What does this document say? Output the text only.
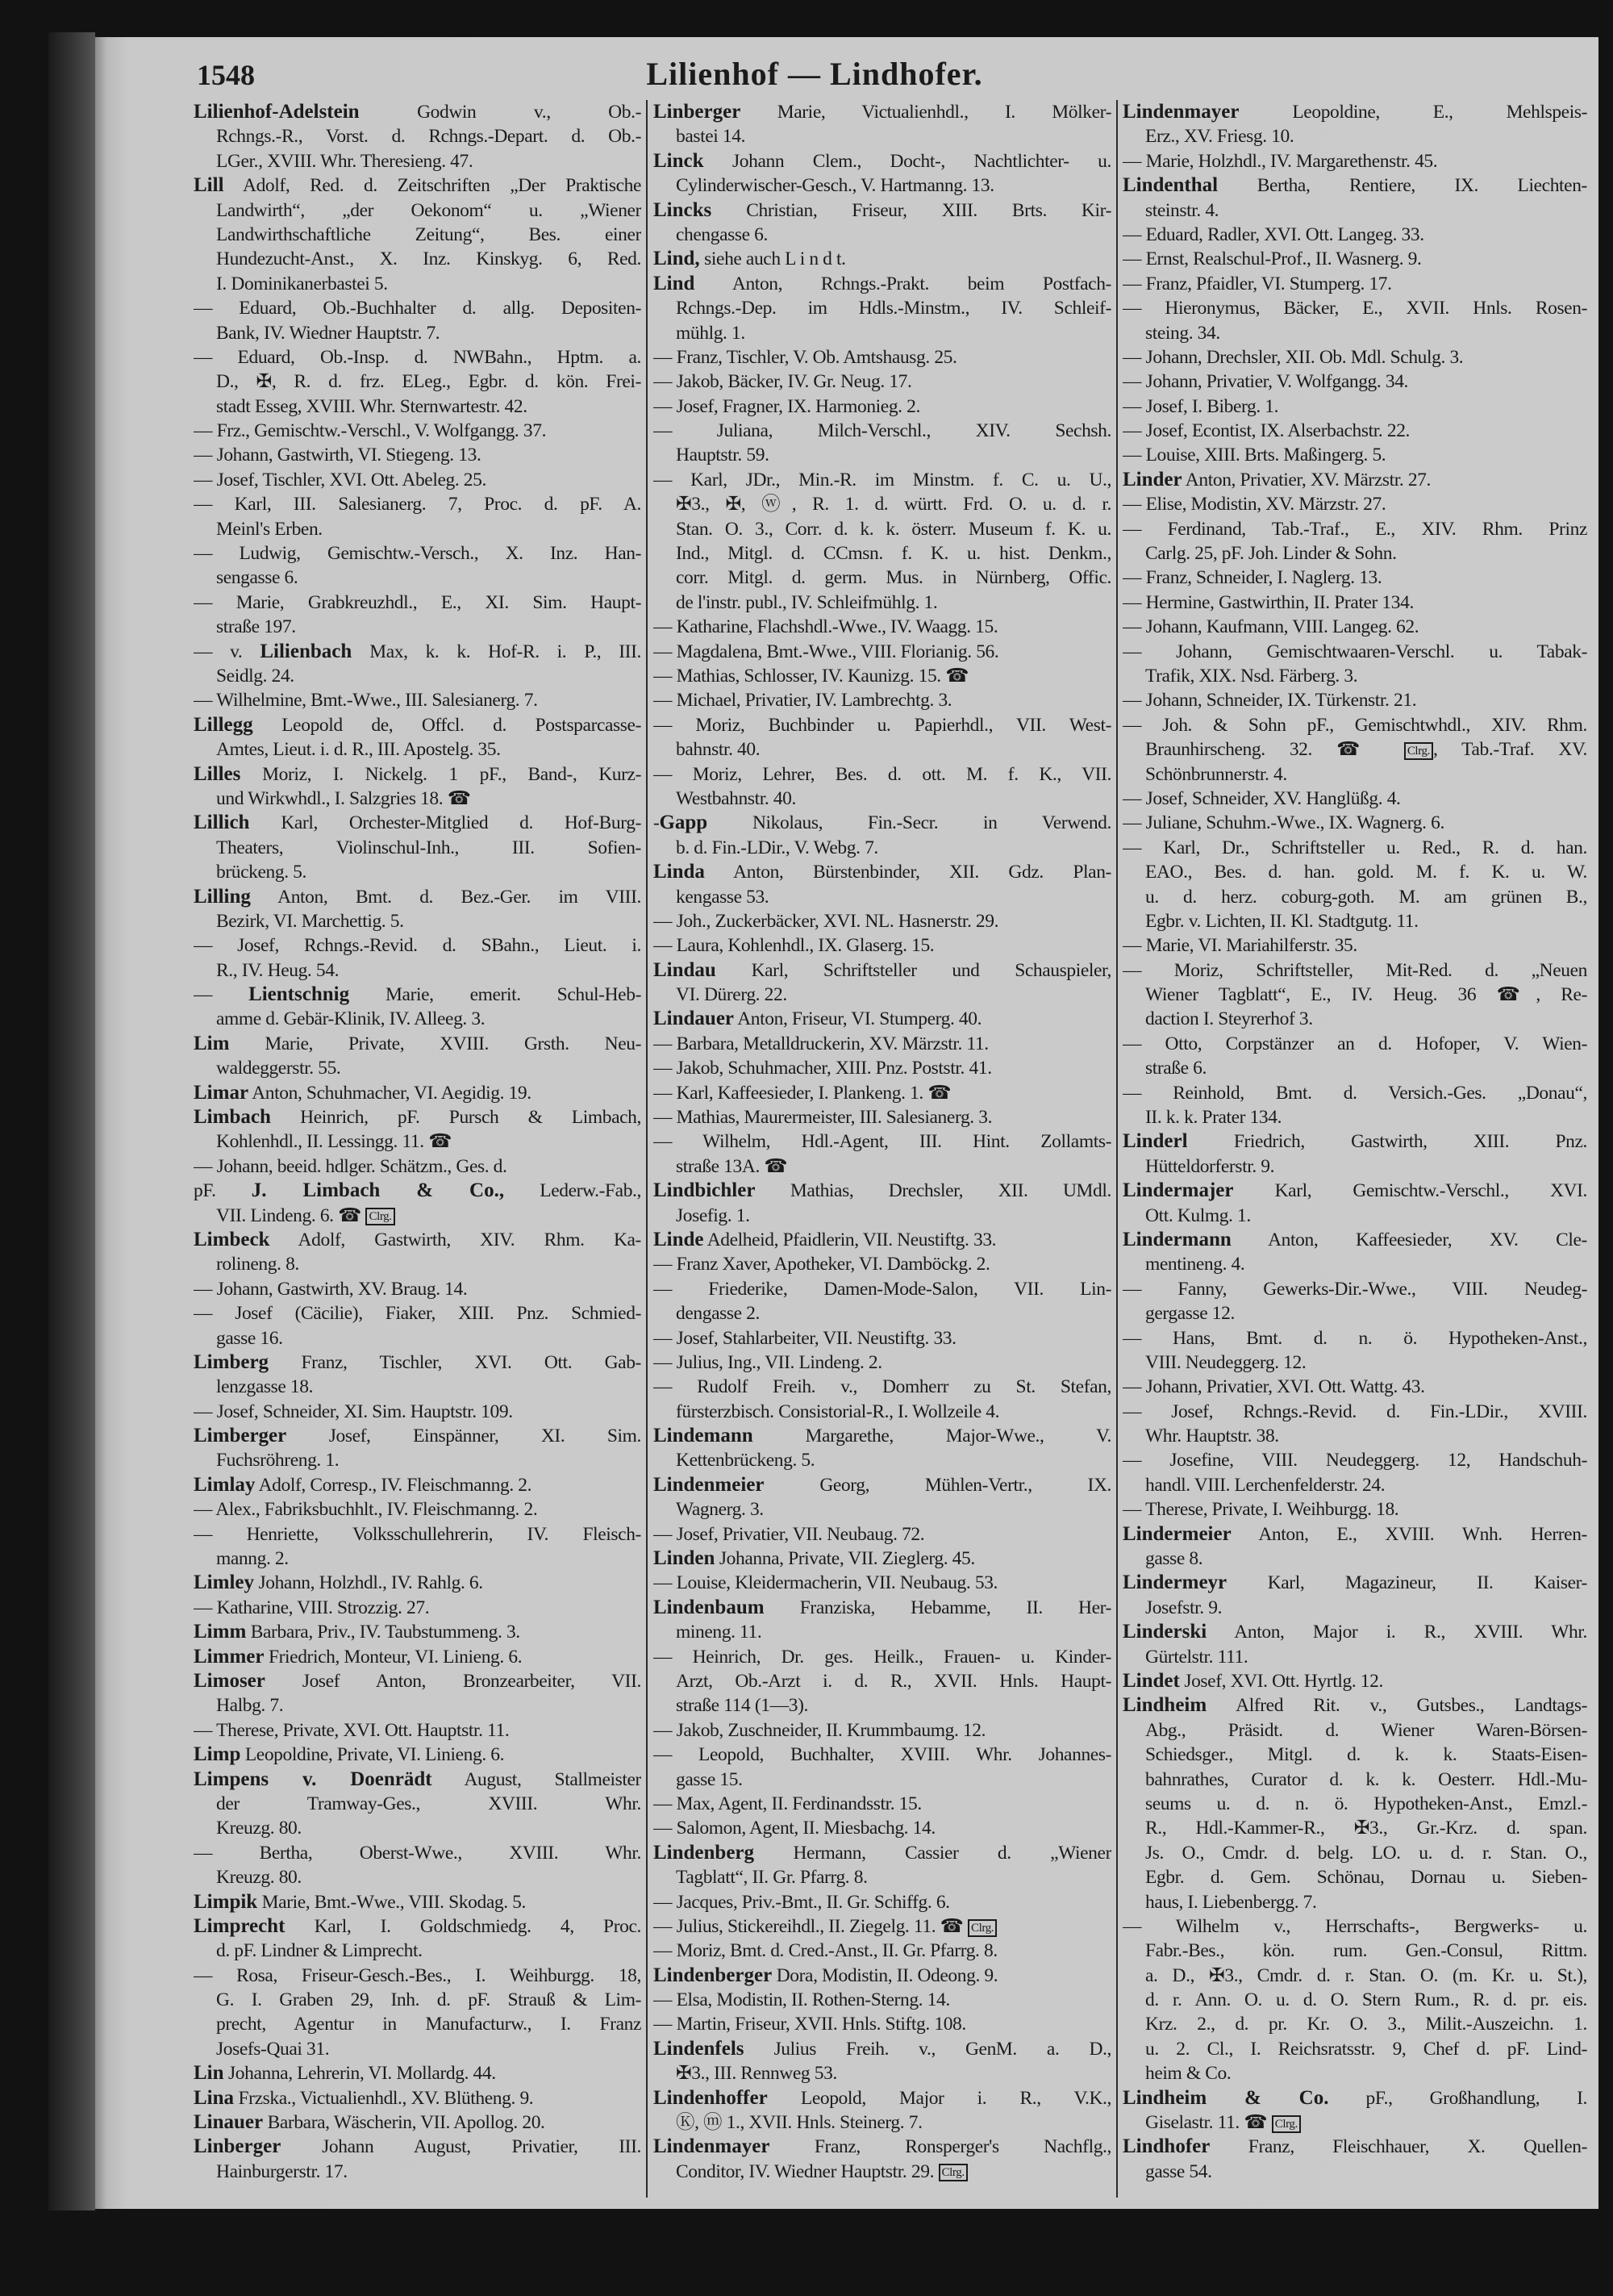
1548	Lilienhof — Lindhofer.
Lilienhof-Adelstein Godwin v., Ob.-
Rchngs.-R., Vorst. d. Rchngs.-Depart. d. Ob.-
LGer., XVIII. Whr. Theresieng. 47.
Lill Adolf, Red. d. Zeitschriften „Der Praktische
Landwirth“, „der Oekonom“ u. „Wiener
Landwirthschaftliche Zeitung“, Bes. einer
Hundezucht-Anst., X. Inz. Kinskyg. 6, Red.
I. Dominikanerbastei 5.
— Eduard, Ob.-Buchhalter d. allg. Depositen-
Bank, IV. Wiedner Hauptstr. 7.
— Eduard, Ob.-Insp. d. NWBahn., Hptm. a.
D., ✠, R. d. frz. ELeg., Egbr. d. kön. Frei-
stadt Esseg, XVIII. Whr. Sternwartestr. 42.
— Frz., Gemischtw.-Verschl., V. Wolfgangg. 37.
— Johann, Gastwirth, VI. Stiegeng. 13.
— Josef, Tischler, XVI. Ott. Abeleg. 25.
— Karl, III. Salesianerg. 7, Proc. d. pF. A.
Meinl's Erben.
— Ludwig, Gemischtw.-Versch., X. Inz. Han-
sengasse 6.
— Marie, Grabkreuzhdl., E., XI. Sim. Haupt-
straße 197.
— v. Lilienbach Max, k. k. Hof-R. i. P., III.
Seidlg. 24.
— Wilhelmine, Bmt.-Wwe., III. Salesianerg. 7.
Lillegg Leopold de, Offcl. d. Postsparcasse-
Amtes, Lieut. i. d. R., III. Apostelg. 35.
Lilles Moriz, I. Nickelg. 1 pF., Band-, Kurz-
und Wirkwhdl., I. Salzgries 18. ☎
Lillich Karl, Orchester-Mitglied d. Hof-Burg-
Theaters, Violinschul-Inh., III. Sofien-
brückeng. 5.
Lilling Anton, Bmt. d. Bez.-Ger. im VIII.
Bezirk, VI. Marchettig. 5.
— Josef, Rchngs.-Revid. d. SBahn., Lieut. i.
R., IV. Heug. 54.
— Lientschnig Marie, emerit. Schul-Heb-
amme d. Gebär-Klinik, IV. Alleeg. 3.
Lim Marie, Private, XVIII. Grsth. Neu-
waldeggerstr. 55.
Limar Anton, Schuhmacher, VI. Aegidig. 19.
Limbach Heinrich, pF. Pursch & Limbach,
Kohlenhdl., II. Lessingg. 11. ☎
— Johann, beeid. hdlger. Schätzm., Ges. d.
pF. J. Limbach & Co., Lederw.-Fab.,
VII. Lindeng. 6. ☎ Clrg.
Limbeck Adolf, Gastwirth, XIV. Rhm. Ka-
rolineng. 8.
— Johann, Gastwirth, XV. Braug. 14.
— Josef (Cäcilie), Fiaker, XIII. Pnz. Schmied-
gasse 16.
Limberg Franz, Tischler, XVI. Ott. Gab-
lenzgasse 18.
— Josef, Schneider, XI. Sim. Hauptstr. 109.
Limberger Josef, Einspänner, XI. Sim.
Fuchsröhreng. 1.
Limlay Adolf, Corresp., IV. Fleischmanng. 2.
— Alex., Fabriksbuchhlt., IV. Fleischmanng. 2.
— Henriette, Volksschullehrerin, IV. Fleisch-
manng. 2.
Limley Johann, Holzhdl., IV. Rahlg. 6.
— Katharine, VIII. Strozzig. 27.
Limm Barbara, Priv., IV. Taubstummeng. 3.
Limmer Friedrich, Monteur, VI. Linieng. 6.
Limoser Josef Anton, Bronzearbeiter, VII.
Halbg. 7.
— Therese, Private, XVI. Ott. Hauptstr. 11.
Limp Leopoldine, Private, VI. Linieng. 6.
Limpens v. Doenrädt August, Stallmeister
der Tramway-Ges., XVIII. Whr.
Kreuzg. 80.
— Bertha, Oberst-Wwe., XVIII. Whr.
Kreuzg. 80.
Limpik Marie, Bmt.-Wwe., VIII. Skodag. 5.
Limprecht Karl, I. Goldschmiedg. 4, Proc.
d. pF. Lindner & Limprecht.
— Rosa, Friseur-Gesch.-Bes., I. Weihburgg. 18,
G. I. Graben 29, Inh. d. pF. Strauß & Lim-
precht, Agentur in Manufacturw., I. Franz
Josefs-Quai 31.
Lin Johanna, Lehrerin, VI. Mollardg. 44.
Lina Frzska., Victualienhdl., XV. Blütheng. 9.
Linauer Barbara, Wäscherin, VII. Apollog. 20.
Linberger Johann August, Privatier, III.
Hainburgerstr. 17.
Linberger Marie, Victualienhdl., I. Mölker-
bastei 14.
Linck Johann Clem., Docht-, Nachtlichter- u.
Cylinderwischer-Gesch., V. Hartmanng. 13.
Lincks Christian, Friseur, XIII. Brts. Kir-
chengasse 6.
Lind, siehe auch L i n d t.
Lind Anton, Rchngs.-Prakt. beim Postfach-
Rchngs.-Dep. im Hdls.-Minstm., IV. Schleif-
mühlg. 1.
— Franz, Tischler, V. Ob. Amtshausg. 25.
— Jakob, Bäcker, IV. Gr. Neug. 17.
— Josef, Fragner, IX. Harmonieg. 2.
— Juliana, Milch-Verschl., XIV. Sechsh.
Hauptstr. 59.
— Karl, JDr., Min.-R. im Minstm. f. C. u. U.,
✠3., ✠, ⓦ, R. 1. d. württ. Frd. O. u. d. r.
Stan. O. 3., Corr. d. k. k. österr. Museum f. K. u.
Ind., Mitgl. d. CCmsn. f. K. u. hist. Denkm.,
corr. Mitgl. d. germ. Mus. in Nürnberg, Offic.
de l'instr. publ., IV. Schleifmühlg. 1.
— Katharine, Flachshdl.-Wwe., IV. Waagg. 15.
— Magdalena, Bmt.-Wwe., VIII. Florianig. 56.
— Mathias, Schlosser, IV. Kaunizg. 15. ☎
— Michael, Privatier, IV. Lambrechtg. 3.
— Moriz, Buchbinder u. Papierhdl., VII. West-
bahnstr. 40.
— Moriz, Lehrer, Bes. d. ott. M. f. K., VII.
Westbahnstr. 40.
-Gapp Nikolaus, Fin.-Secr. in Verwend.
b. d. Fin.-LDir., V. Webg. 7.
Linda Anton, Bürstenbinder, XII. Gdz. Plan-
kengasse 53.
— Joh., Zuckerbäcker, XVI. NL. Hasnerstr. 29.
— Laura, Kohlenhdl., IX. Glaserg. 15.
Lindau Karl, Schriftsteller und Schauspieler,
VI. Dürerg. 22.
Lindauer Anton, Friseur, VI. Stumperg. 40.
— Barbara, Metalldruckerin, XV. Märzstr. 11.
— Jakob, Schuhmacher, XIII. Pnz. Poststr. 41.
— Karl, Kaffeesieder, I. Plankeng. 1. ☎
— Mathias, Maurermeister, III. Salesianerg. 3.
— Wilhelm, Hdl.-Agent, III. Hint. Zollamts-
straße 13A. ☎
Lindbichler Mathias, Drechsler, XII. UMdl.
Josefig. 1.
Linde Adelheid, Pfaidlerin, VII. Neustiftg. 33.
— Franz Xaver, Apotheker, VI. Damböckg. 2.
— Friederike, Damen-Mode-Salon, VII. Lin-
dengasse 2.
— Josef, Stahlarbeiter, VII. Neustiftg. 33.
— Julius, Ing., VII. Lindeng. 2.
— Rudolf Freih. v., Domherr zu St. Stefan,
fürsterzbisch. Consistorial-R., I. Wollzeile 4.
Lindemann Margarethe, Major-Wwe., V.
Kettenbrückeng. 5.
Lindenmeier Georg, Mühlen-Vertr., IX.
Wagnerg. 3.
— Josef, Privatier, VII. Neubaug. 72.
Linden Johanna, Private, VII. Zieglerg. 45.
— Louise, Kleidermacherin, VII. Neubaug. 53.
Lindenbaum Franziska, Hebamme, II. Her-
mineng. 11.
— Heinrich, Dr. ges. Heilk., Frauen- u. Kinder-
Arzt, Ob.-Arzt i. d. R., XVII. Hnls. Haupt-
straße 114 (1—3).
— Jakob, Zuschneider, II. Krummbaumg. 12.
— Leopold, Buchhalter, XVIII. Whr. Johannes-
gasse 15.
— Max, Agent, II. Ferdinandsstr. 15.
— Salomon, Agent, II. Miesbachg. 14.
Lindenberg Hermann, Cassier d. „Wiener
Tagblatt“, II. Gr. Pfarrg. 8.
— Jacques, Priv.-Bmt., II. Gr. Schiffg. 6.
— Julius, Stickereihdl., II. Ziegelg. 11. ☎ Clrg.
— Moriz, Bmt. d. Cred.-Anst., II. Gr. Pfarrg. 8.
Lindenberger Dora, Modistin, II. Odeong. 9.
— Elsa, Modistin, II. Rothen-Sterng. 14.
— Martin, Friseur, XVII. Hnls. Stiftg. 108.
Lindenfels Julius Freih. v., GenM. a. D.,
✠3., III. Rennweg 53.
Lindenhoffer Leopold, Major i. R., V.K.,
Ⓚ, ⓜ 1., XVII. Hnls. Steinerg. 7.
Lindenmayer Franz, Ronsperger's Nachflg.,
Conditor, IV. Wiedner Hauptstr. 29. Clrg.
Lindenmayer Leopoldine, E., Mehlspeis-
Erz., XV. Friesg. 10.
— Marie, Holzhdl., IV. Margarethenstr. 45.
Lindenthal Bertha, Rentiere, IX. Liechten-
steinstr. 4.
— Eduard, Radler, XVI. Ott. Langeg. 33.
— Ernst, Realschul-Prof., II. Wasnerg. 9.
— Franz, Pfaidler, VI. Stumperg. 17.
— Hieronymus, Bäcker, E., XVII. Hnls. Rosen-
steing. 34.
— Johann, Drechsler, XII. Ob. Mdl. Schulg. 3.
— Johann, Privatier, V. Wolfgangg. 34.
— Josef, I. Biberg. 1.
— Josef, Econtist, IX. Alserbachstr. 22.
— Louise, XIII. Brts. Maßingerg. 5.
Linder Anton, Privatier, XV. Märzstr. 27.
— Elise, Modistin, XV. Märzstr. 27.
— Ferdinand, Tab.-Traf., E., XIV. Rhm. Prinz
Carlg. 25, pF. Joh. Linder & Sohn.
— Franz, Schneider, I. Naglerg. 13.
— Hermine, Gastwirthin, II. Prater 134.
— Johann, Kaufmann, VIII. Langeg. 62.
— Johann, Gemischtwaaren-Verschl. u. Tabak-
Trafik, XIX. Nsd. Färberg. 3.
— Johann, Schneider, IX. Türkenstr. 21.
— Joh. & Sohn pF., Gemischtwhdl., XIV. Rhm.
Braunhirscheng. 32. ☎ Clrg. , Tab.-Traf. XV.
Schönbrunnerstr. 4.
— Josef, Schneider, XV. Hanglüßg. 4.
— Juliane, Schuhm.-Wwe., IX. Wagnerg. 6.
— Karl, Dr., Schriftsteller u. Red., R. d. han.
EAO., Bes. d. han. gold. M. f. K. u. W.
u. d. herz. coburg-goth. M. am grünen B.,
Egbr. v. Lichten, II. Kl. Stadtgutg. 11.
— Marie, VI. Mariahilferstr. 35.
— Moriz, Schriftsteller, Mit-Red. d. „Neuen
Wiener Tagblatt“, E., IV. Heug. 36 ☎, Re-
daction I. Steyrerhof 3.
— Otto, Corpstänzer an d. Hofoper, V. Wien-
straße 6.
— Reinhold, Bmt. d. Versich.-Ges. „Donau“,
II. k. k. Prater 134.
Linderl Friedrich, Gastwirth, XIII. Pnz.
Hütteldorferstr. 9.
Lindermajer Karl, Gemischtw.-Verschl., XVI.
Ott. Kulmg. 1.
Lindermann Anton, Kaffeesieder, XV. Cle-
mentineng. 4.
— Fanny, Gewerks-Dir.-Wwe., VIII. Neudeg-
gergasse 12.
— Hans, Bmt. d. n. ö. Hypotheken-Anst.,
VIII. Neudeggerg. 12.
— Johann, Privatier, XVI. Ott. Wattg. 43.
— Josef, Rchngs.-Revid. d. Fin.-LDir., XVIII.
Whr. Hauptstr. 38.
— Josefine, VIII. Neudeggerg. 12, Handschuh-
handl. VIII. Lerchenfelderstr. 24.
— Therese, Private, I. Weihburgg. 18.
Lindermeier Anton, E., XVIII. Wnh. Herren-
gasse 8.
Lindermeyr Karl, Magazineur, II. Kaiser-
Josefstr. 9.
Linderski Anton, Major i. R., XVIII. Whr.
Gürtelstr. 111.
Lindet Josef, XVI. Ott. Hyrtlg. 12.
Lindheim Alfred Rit. v., Gutsbes., Landtags-
Abg., Präsidt. d. Wiener Waren-Börsen-
Schiedsger., Mitgl. d. k. k. Staats-Eisen-
bahnrathes, Curator d. k. k. Oesterr. Hdl.-Mu-
seums u. d. n. ö. Hypotheken-Anst., Emzl.-
R., Hdl.-Kammer-R., ✠3., Gr.-Krz. d. span.
Js. O., Cmdr. d. belg. LO. u. d. r. Stan. O.,
Egbr. d. Gem. Schönau, Dornau u. Sieben-
haus, I. Liebenbergg. 7.
— Wilhelm v., Herrschafts-, Bergwerks- u.
Fabr.-Bes., kön. rum. Gen.-Consul, Rittm.
a. D., ✠3., Cmdr. d. r. Stan. O. (m. Kr. u. St.),
d. r. Ann. O. u. d. O. Stern Rum., R. d. pr. eis.
Krz. 2., d. pr. Kr. O. 3., Milit.-Auszeichn. 1.
u. 2. Cl., I. Reichsratsstr. 9, Chef d. pF. Lind-
heim & Co.
Lindheim & Co. pF., Großhandlung, I.
Giselastr. 11. ☎ Clrg.
Lindhofer Franz, Fleischhauer, X. Quellen-
gasse 54.
